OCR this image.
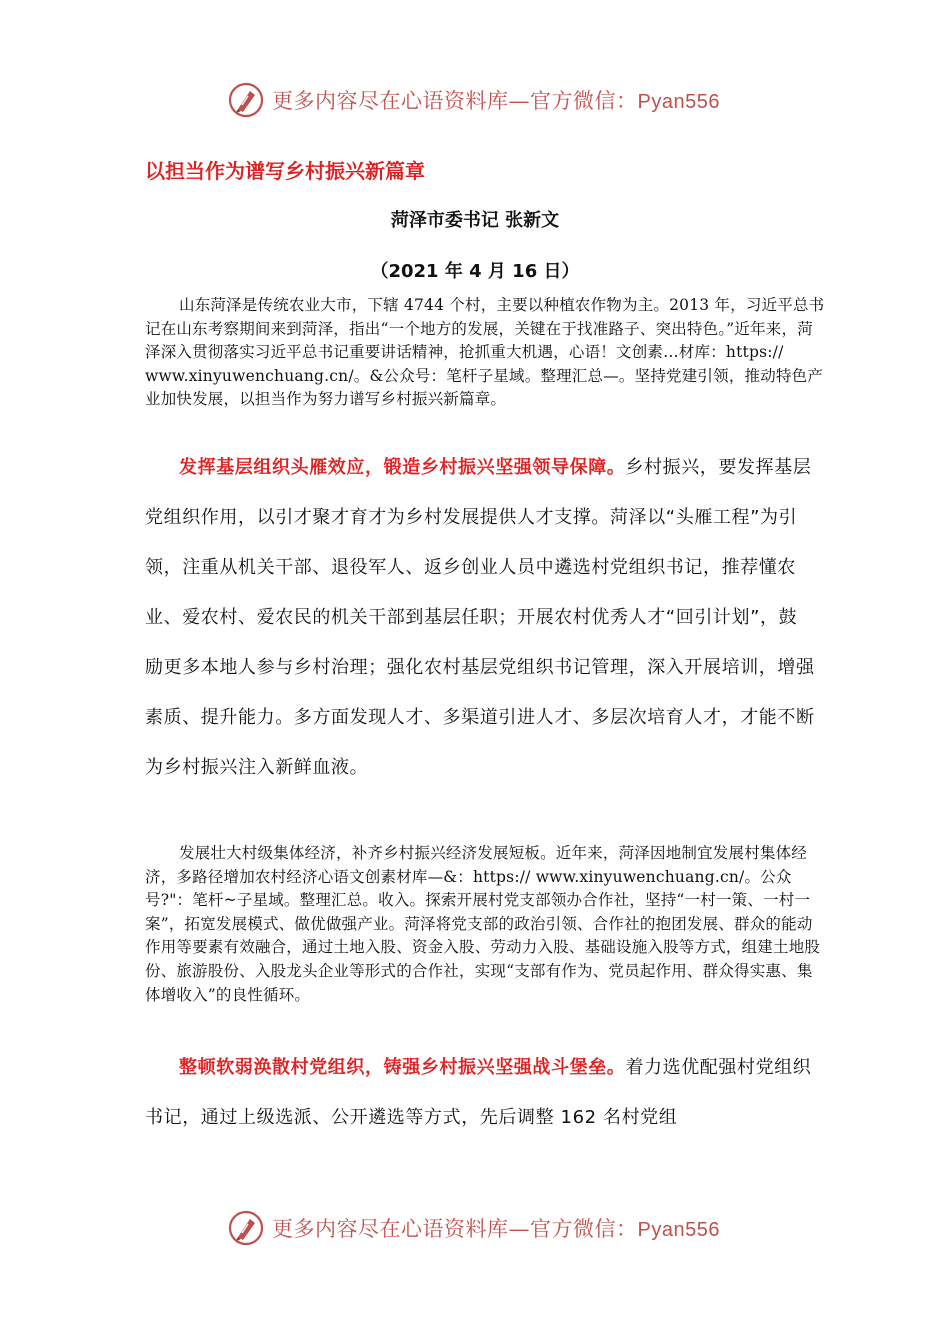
更多内容尽在心语资料库—官方微信：Pyan556
以担当作为谱写乡村振兴新篇章
菏泽市委书记 张新文
（2021 年 4 月 16 日）

山东菏泽是传统农业大市，下辖 4744 个村，主要以种植农作物为主。2013 年，习近平总书记在山东考察期间来到菏泽，指出“一个地方的发展，关键在于找准路子、突出特色。”近年来，菏泽深入贯彻落实习近平总书记重要讲话精神，抢抓重大机遇，心语！文创素…材库：https:// www.xinyuwenchuang.cn/。&公众号：笔杆子星域。整理汇总—。坚持党建引领，推动特色产业加快发展，以担当作为努力谱写乡村振兴新篇章。

发挥基层组织头雁效应，锻造乡村振兴坚强领导保障。乡村振兴，要发挥基层党组织作用，以引才聚才育才为乡村发展提供人才支撑。菏泽以“头雁工程”为引领，注重从机关干部、退役军人、返乡创业人员中遴选村党组织书记，推荐懂农业、爱农村、爱农民的机关干部到基层任职；开展农村优秀人才“回引计划”，鼓励更多本地人参与乡村治理；强化农村基层党组织书记管理，深入开展培训，增强素质、提升能力。多方面发现人才、多渠道引进人才、多层次培育人才，才能不断为乡村振兴注入新鲜血液。

发展壮大村级集体经济，补齐乡村振兴经济发展短板。近年来，菏泽因地制宜发展村集体经济，多路径增加农村经济心语文创素材库—&：https:// www.xinyuwenchuang.cn/。公众号?"：笔杆~子星域。整理汇总。收入。探索开展村党支部领办合作社，坚持“一村一策、一村一案”，拓宽发展模式、做优做强产业。菏泽将党支部的政治引领、合作社的抱团发展、群众的能动作用等要素有效融合，通过土地入股、资金入股、劳动力入股、基础设施入股等方式，组建土地股份、旅游股份、入股龙头企业等形式的合作社，实现“支部有作为、党员起作用、群众得实惠、集体增收入”的良性循环。

整顿软弱涣散村党组织，铸强乡村振兴坚强战斗堡垒。着力选优配强村党组织书记，通过上级选派、公开遴选等方式，先后调整 162 名村党组

更多内容尽在心语资料库—官方微信：Pyan556
